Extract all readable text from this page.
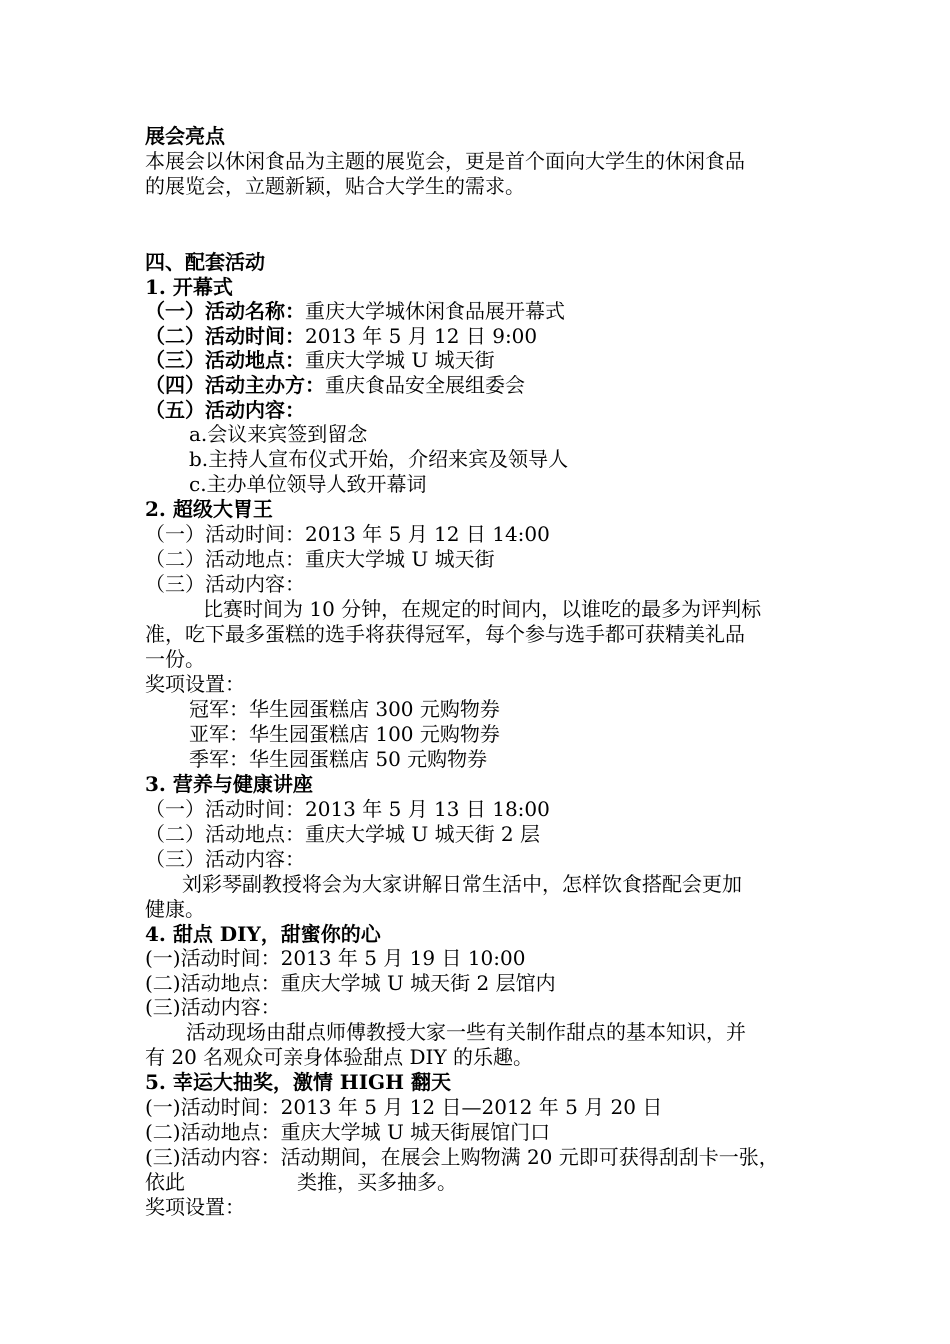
展会亮点
本展会以休闲食品为主题的展览会，更是首个面向大学生的休闲食品
的展览会，立题新颖，贴合大学生的需求。
四、配套活动
1. 开幕式
（一）活动名称：重庆大学城休闲食品展开幕式
（二）活动时间：2013 年 5 月 12 日 9:00
（三）活动地点：重庆大学城 U 城天街
（四）活动主办方：重庆食品安全展组委会
（五）活动内容：
a.会议来宾签到留念
b.主持人宣布仪式开始，介绍来宾及领导人
c.主办单位领导人致开幕词
2. 超级大胃王
（一）活动时间：2013 年 5 月 12 日 14:00
（二）活动地点：重庆大学城 U 城天街
（三）活动内容：
比赛时间为 10 分钟，在规定的时间内，以谁吃的最多为评判标
准，吃下最多蛋糕的选手将获得冠军，每个参与选手都可获精美礼品
一份。
奖项设置：
冠军：华生园蛋糕店 300 元购物券
亚军：华生园蛋糕店 100 元购物券
季军：华生园蛋糕店 50 元购物券
3. 营养与健康讲座
（一）活动时间：2013 年 5 月 13 日 18:00
（二）活动地点：重庆大学城 U 城天街 2 层
（三）活动内容：
刘彩琴副教授将会为大家讲解日常生活中，怎样饮食搭配会更加
健康。
4. 甜点 DIY，甜蜜你的心
(一)活动时间：2013 年 5 月 19 日 10:00
(二)活动地点：重庆大学城 U 城天街 2 层馆内
(三)活动内容：
活动现场由甜点师傅教授大家一些有关制作甜点的基本知识，并
有 20 名观众可亲身体验甜点 DIY 的乐趣。
5. 幸运大抽奖，激情 HIGH 翻天
(一)活动时间：2013 年 5 月 12 日—2012 年 5 月 20 日
(二)活动地点：重庆大学城 U 城天街展馆门口
(三)活动内容：活动期间，在展会上购物满 20 元即可获得刮刮卡一张，
依此	类推，买多抽多。
奖项设置：
